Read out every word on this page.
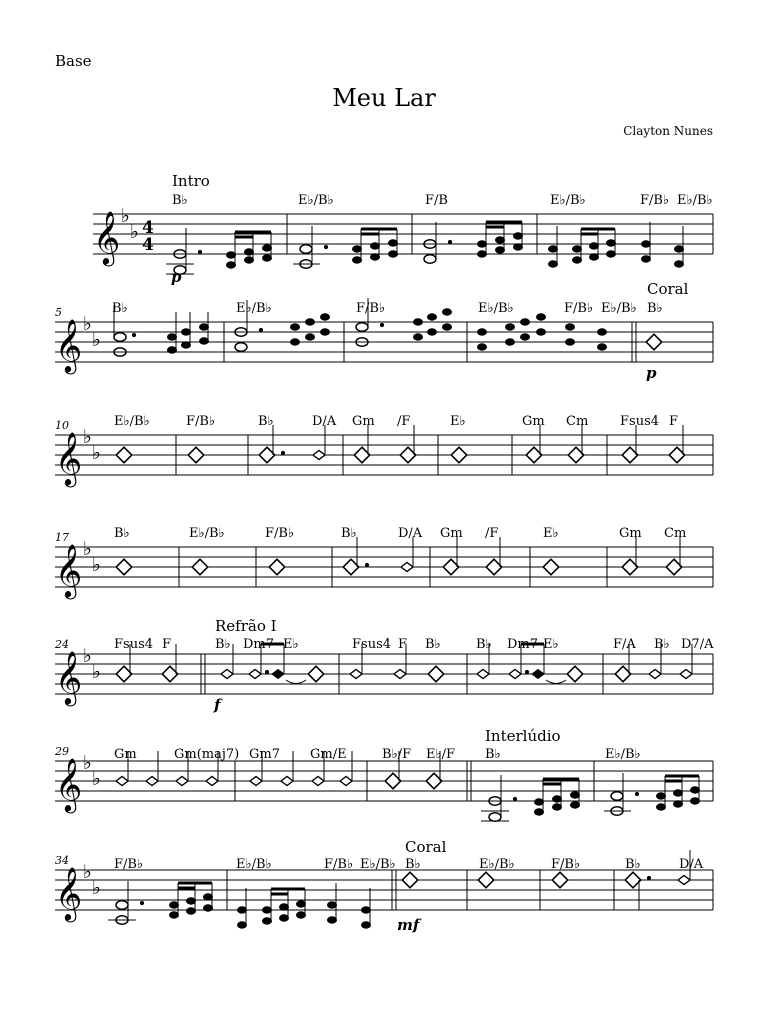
Base
Meu Lar
Clayton Nunes
𝄞 ♭
♭ 4
4
Intro
p
B♭	E♭/B♭	F/B	E♭/B♭	F/B♭ E♭/B♭
5
𝄞 ♭
♭
Coral
p
B♭	E♭/B♭	F/B♭	E♭/B♭	F/B♭ E♭/B♭ B♭
10
𝄞 ♭
♭
E♭/B♭	F/B♭	B♭	D/A Gm /F	E♭	Gm Cm Fsus4 F
17
𝄞 ♭
♭
B♭	E♭/B♭	F/B♭	B♭	D/A Gm /F	E♭	Gm Cm
24
𝄞 ♭
♭
Refrão I
f
Fsus4 F	B♭ Dm7 E♭	Fsus4 F B♭	B♭ Dm7 E♭	F/A B♭ D7/A
29
𝄞 ♭
♭
Interlúdio
Gm	Gm(maj7) Gm7 Gm/E	B♭/F E♭/F B♭	E♭/B♭
34
𝄞 ♭
♭
Coral
mf
F/B♭	E♭/B♭	F/B♭ E♭/B♭ B♭	E♭/B♭	F/B♭	B♭	D/A
